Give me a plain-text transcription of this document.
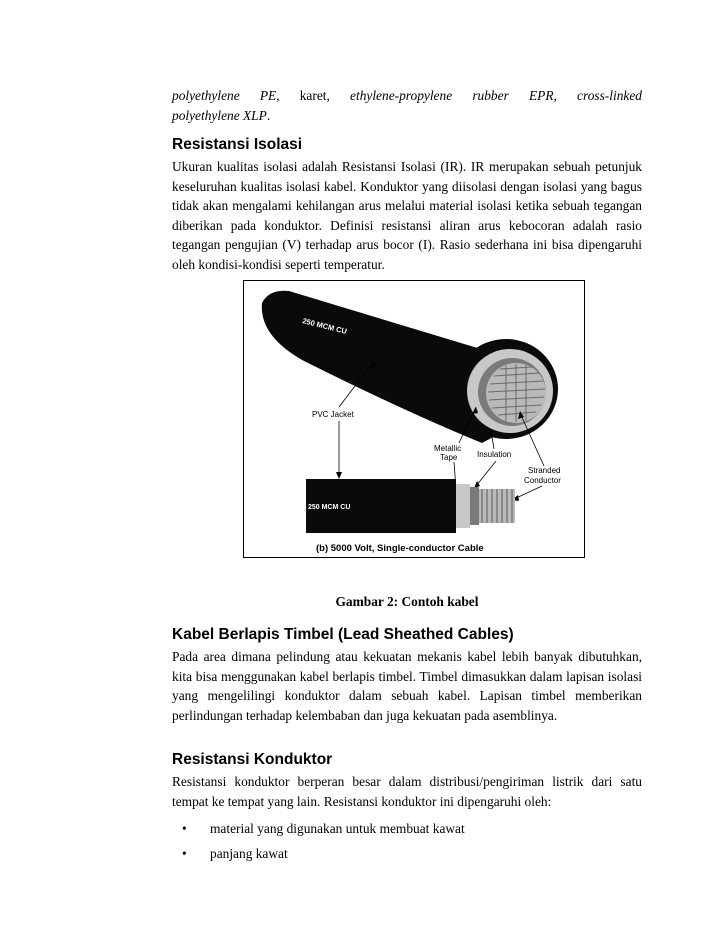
polyethylene PE, karet, ethylene-propylene rubber EPR, cross-linked

polyethylene XLP.

Resistansi Isolasi

Ukuran kualitas isolasi adalah Resistansi Isolasi (IR). IR merupakan sebuah petunjuk keseluruhan kualitas isolasi kabel. Konduktor yang diisolasi dengan isolasi yang bagus tidak akan mengalami kehilangan arus melalui material isolasi ketika sebuah tegangan diberikan pada konduktor. Definisi resistansi aliran arus kebocoran adalah rasio tegangan pengujian (V) terhadap arus bocor (I). Rasio sederhana ini bisa dipengaruhi oleh kondisi-kondisi seperti temperatur.

250 MCM CU
PVC Jacket
Metallic
Tape Insulation
Stranded
Conductor
250 MCM CU
(b) 5000 Volt, Single-conductor Cable
Gambar 2: Contoh kabel
Kabel Berlapis Timbel (Lead Sheathed Cables)

Pada area dimana pelindung atau kekuatan mekanis kabel lebih banyak dibutuhkan, kita bisa menggunakan kabel berlapis timbel. Timbel dimasukkan dalam lapisan isolasi yang mengelilingi konduktor dalam sebuah kabel. Lapisan timbel memberikan perlindungan terhadap kelembaban dan juga kekuatan pada asemblinya.

Resistansi Konduktor

Resistansi konduktor berperan besar dalam distribusi/pengiriman listrik dari satu tempat ke tempat yang lain. Resistansi konduktor ini dipengaruhi oleh:

• material yang digunakan untuk membuat kawat
• panjang kawat
